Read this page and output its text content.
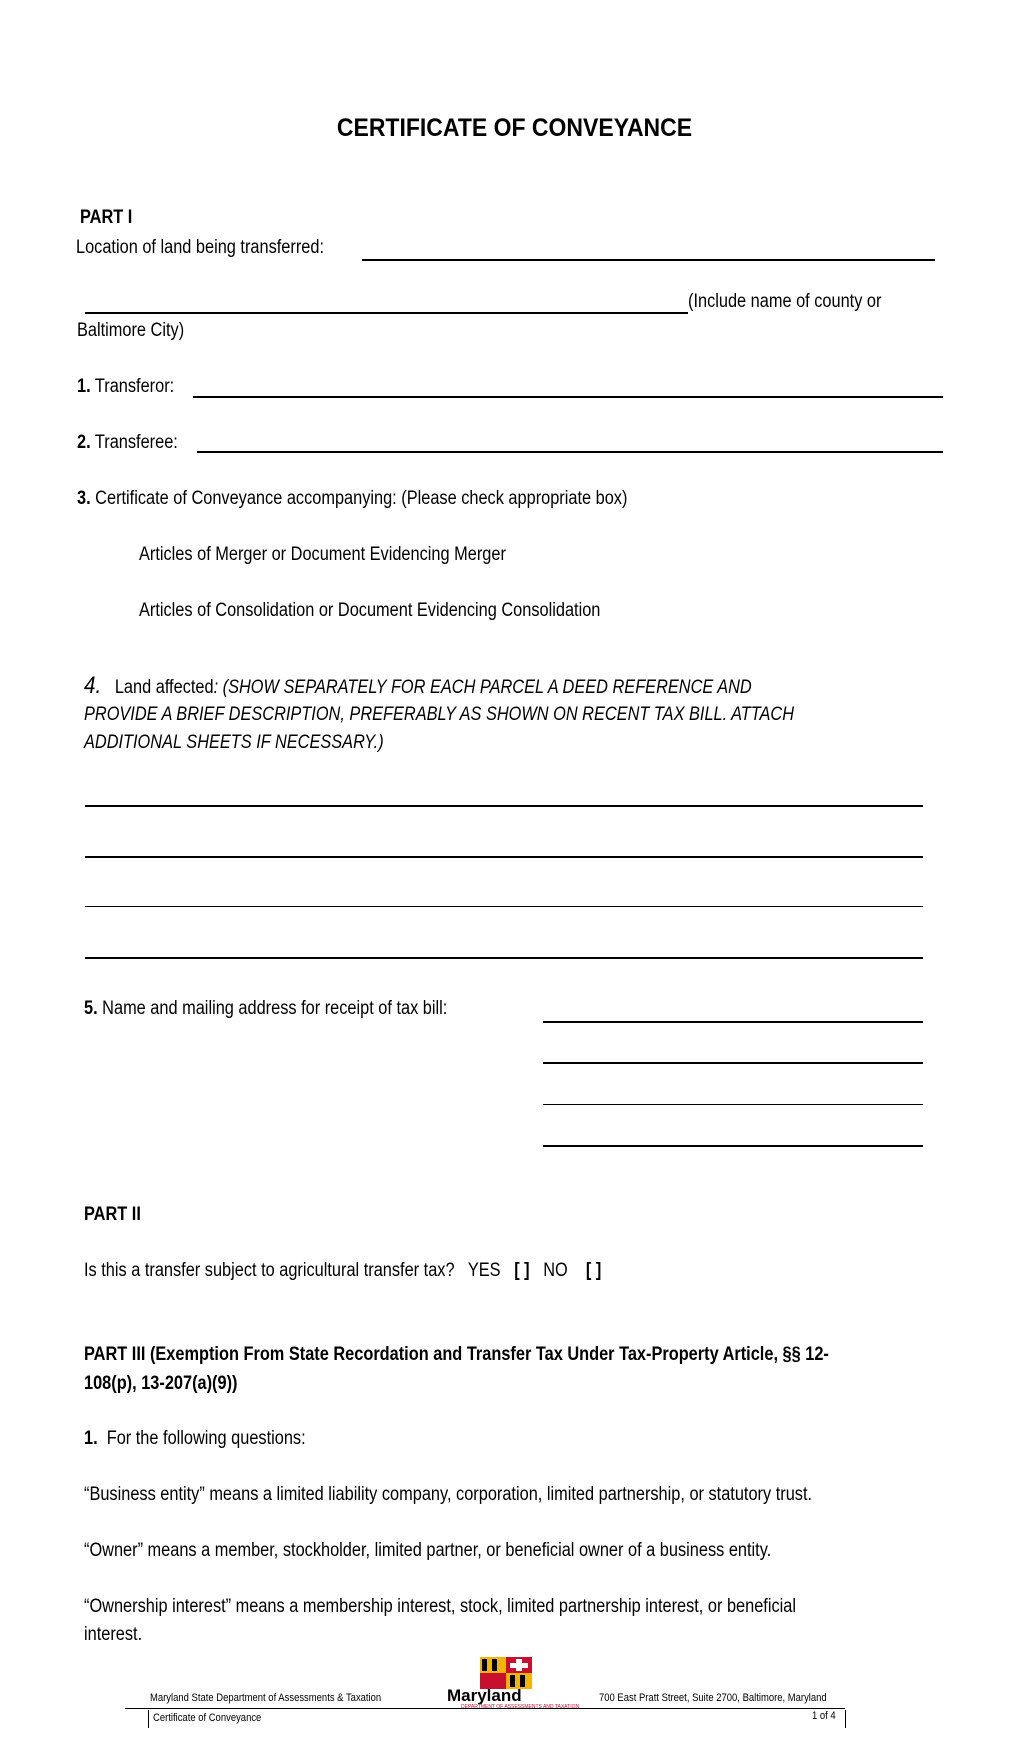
CERTIFICATE OF CONVEYANCE
PART I
Location of land being transferred:
(Include name of county or
Baltimore City)
1. Transferor:
2. Transferee:
3. Certificate of Conveyance accompanying: (Please check appropriate box)
Articles of Merger or Document Evidencing Merger
Articles of Consolidation or Document Evidencing Consolidation
4. Land affected: (SHOW SEPARATELY FOR EACH PARCEL A DEED REFERENCE AND
PROVIDE A BRIEF DESCRIPTION, PREFERABLY AS SHOWN ON RECENT TAX BILL. ATTACH
ADDITIONAL SHEETS IF NECESSARY.)
5. Name and mailing address for receipt of tax bill:
PART II
Is this a transfer subject to agricultural transfer tax? YES [ ] NO [ ]
PART III (Exemption From State Recordation and Transfer Tax Under Tax-Property Article, §§ 12-
108(p), 13-207(a)(9))
1. For the following questions:
“Business entity” means a limited liability company, corporation, limited partnership, or statutory trust.
“Owner” means a member, stockholder, limited partner, or beneficial owner of a business entity.
“Ownership interest” means a membership interest, stock, limited partnership interest, or beneficial
interest.
Maryland State Department of Assessments & Taxation	700 East Pratt Street, Suite 2700, Baltimore, Maryland
Maryland
DEPARTMENT OF ASSESSMENTS AND TAXATION
Certificate of Conveyance	1 of 4
